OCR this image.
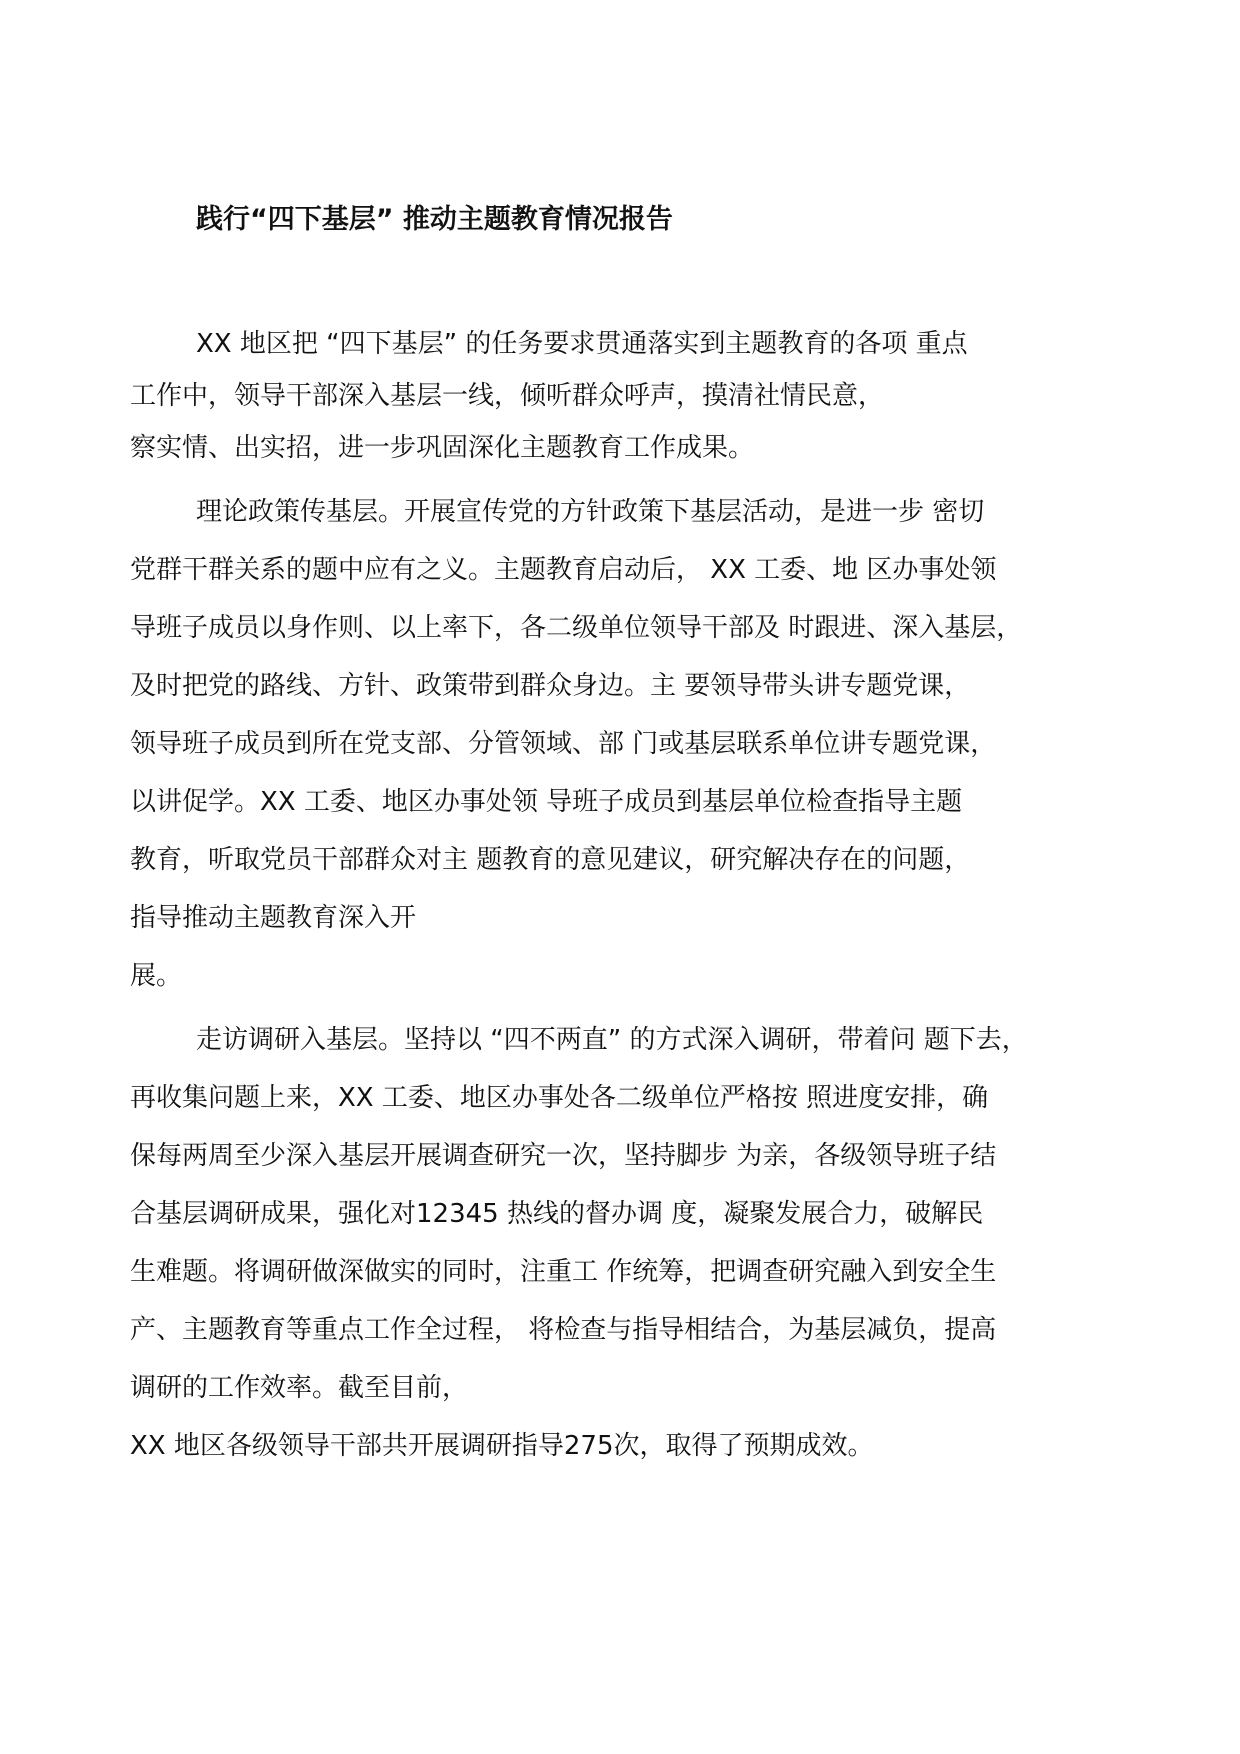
践行“四下基层” 推动主题教育情况报告

XX 地区把 “四下基层” 的任务要求贯通落实到主题教育的各项 重点

工作中，领导干部深入基层一线，倾听群众呼声，摸清社情民意，

察实情、出实招，进一步巩固深化主题教育工作成果。

理论政策传基层。开展宣传党的方针政策下基层活动，是进一步 密切

党群干群关系的题中应有之义。主题教育启动后， XX 工委、地 区办事处领

导班子成员以身作则、以上率下，各二级单位领导干部及 时跟进、深入基层，

及时把党的路线、方针、政策带到群众身边。主 要领导带头讲专题党课，

领导班子成员到所在党支部、分管领域、部 门或基层联系单位讲专题党课，

以讲促学。XX 工委、地区办事处领 导班子成员到基层单位检查指导主题

教育，听取党员干部群众对主 题教育的意见建议，研究解决存在的问题，

指导推动主题教育深入开

展。

走访调研入基层。坚持以 “四不两直” 的方式深入调研，带着问 题下去，

再收集问题上来，XX 工委、地区办事处各二级单位严格按 照进度安排，确

保每两周至少深入基层开展调查研究一次，坚持脚步 为亲，各级领导班子结

合基层调研成果，强化对12345 热线的督办调 度，凝聚发展合力，破解民

生难题。将调研做深做实的同时，注重工 作统筹，把调查研究融入到安全生

产、主题教育等重点工作全过程， 将检查与指导相结合，为基层减负，提高

调研的工作效率。截至目前，

XX 地区各级领导干部共开展调研指导275次，取得了预期成效。
